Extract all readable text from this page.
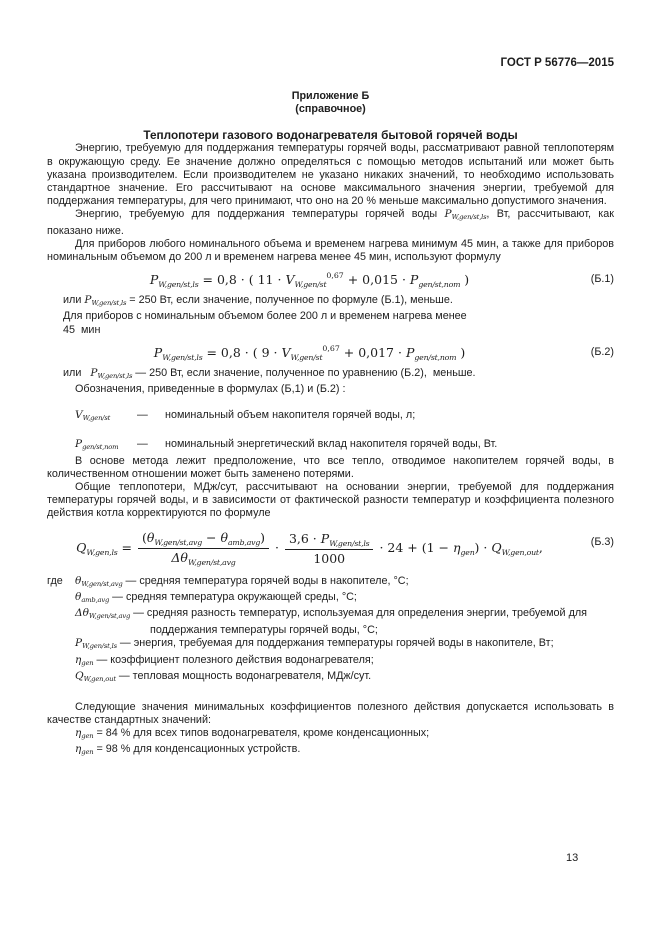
ГОСТ Р 56776—2015
Приложение Б
(справочное)
Теплопотери газового водонагревателя бытовой горячей воды

Энергию, требуемую для поддержания температуры горячей воды, рассматривают равной теплопотерям в окружающую среду. Ее значение должно определяться с помощью методов испытаний или может быть указана производителем. Если производителем не указано никаких значений, то необходимо использовать стандартное значение. Его рассчитывают на основе максимального значения энергии, требуемой для поддержания температуры, для чего принимают, что оно на 20 % меньше максимально допустимого значения.

Энергию, требуемую для поддержания температуры горячей воды PW,gen/st,ls, Вт, рассчитывают, как показано ниже.

Для приборов любого номинального объема и временем нагрева минимум 45 мин, а также для приборов номинальным объемом до 200 л и временем нагрева менее 45 мин, используют формулу

$P_{W,gen/st,ls} = 0,8$ · ( $11 \cdot V_{W,gen/st}^{0,67} + 0,015 \cdot P_{gen/st,nom}$ )	(Б.1)

или PW,gen/st,ls = 250 Вт, если значение, полученное по формуле (Б.1), меньше.

Для приборов с номинальным объемом более 200 л и временем нагрева менее

45  мин

$P_{W,gen/st,ls} = 0,8$ · ( $9 \cdot V_{W,gen/st}^{0,67} + 0,017 \cdot P_{gen/st,nom}$ )	(Б.2)

или   PW,gen/st,ls — 250 Вт, если значение, полученное по уравнению (Б.2),  меньше.

Обозначения, приведенные в формулах (Б,1) и (Б.2) :

VW,gen/st	—	номинальный объем накопителя горячей воды, л;
Pgen/st,nom	—	номинальный энергетический вклад накопителя горячей воды, Вт.

В основе метода лежит предположение, что все тепло, отводимое накопителем горячей воды, в количественном отношении может быть заменено потерями.

Общие теплопотери, МДж/сут, рассчитывают на основании энергии, требуемой для поддержания температуры горячей воды, и в зависимости от фактической разности температур и коэффициента полезного действия котла корректируются по формуле

$Q_{W,gen,ls} = \frac{(\theta_{W,gen/st,avg} - \theta_{amb,avg})}{\Delta\theta_{W,gen/st,avg}} \cdot \frac{3,6 \cdot P_{W,gen/st,ls}}{1000} \cdot 24 + (1 - \eta_{gen}) \cdot Q_{W,gen,out}$,	(Б.3)
где	θW,gen/st,avg — средняя температура горячей воды в накопителе, °С;
θamb,avg — средняя температура окружающей среды, °С;
ΔθW,gen/st,avg — средняя разность температур, используемая для определения энергии, требуемой для поддержания температуры горячей воды, °С;
PW,gen/st,ls — энергия, требуемая для поддержания температуры горячей воды в накопителе, Вт;
ηgen — коэффициент полезного действия водонагревателя;
QW,gen,out — тепловая мощность водонагревателя, МДж/сут.

Следующие значения минимальных коэффициентов полезного действия допускается использовать в качестве стандартных значений:

ηgen = 84 % для всех типов водонагревателя, кроме конденсационных;
ηgen = 98 % для конденсационных устройств.
13
